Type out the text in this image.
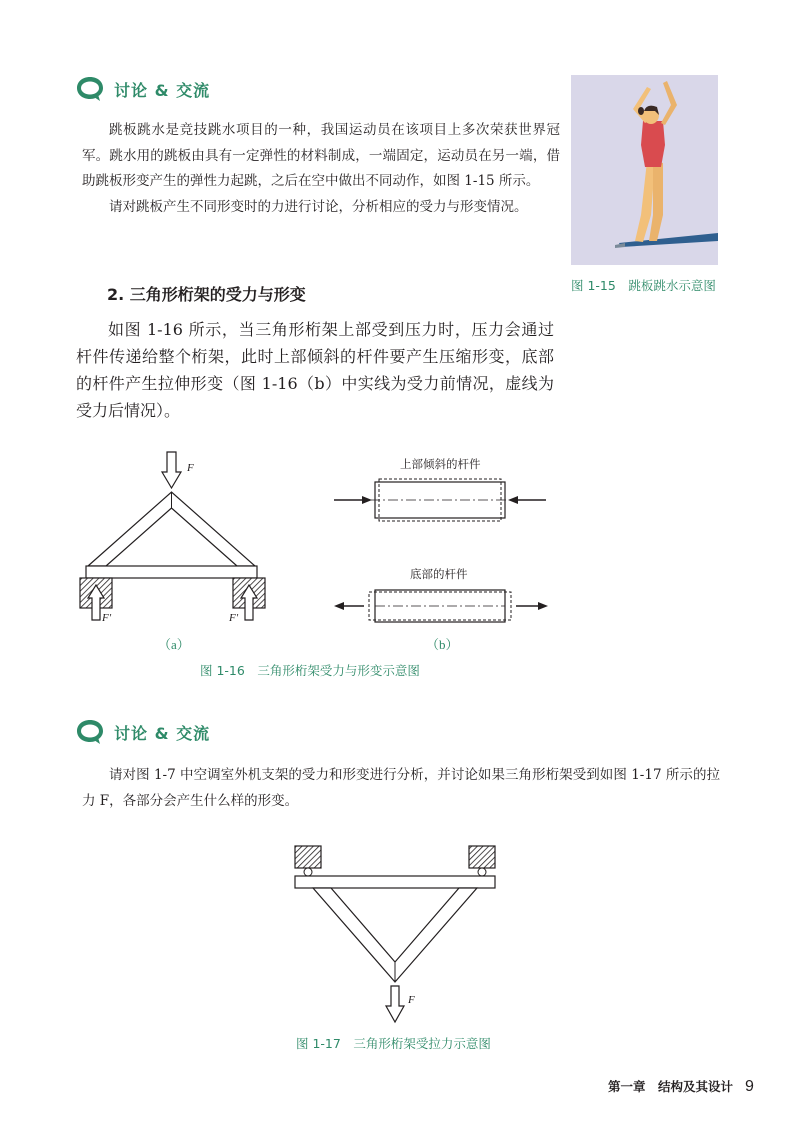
讨论 & 交流

跳板跳水是竞技跳水项目的一种，我国运动员在该项目上多次荣获世界冠军。跳水用的跳板由具有一定弹性的材料制成，一端固定，运动员在另一端，借助跳板形变产生的弹性力起跳，之后在空中做出不同动作，如图 1-15 所示。

请对跳板产生不同形变时的力进行讨论，分析相应的受力与形变情况。

图 1-15　跳板跳水示意图
2. 三角形桁架的受力与形变

如图 1-16 所示，当三角形桁架上部受到压力时，压力会通过杆件传递给整个桁架，此时上部倾斜的杆件要产生压缩形变，底部的杆件产生拉伸形变（图 1-16（b）中实线为受力前情况，虚线为受力后情况）。

F
F′	F′
（a）
上部倾斜的杆件
底部的杆件
（b）
图 1-16　三角形桁架受力与形变示意图
讨论 & 交流

请对图 1-7 中空调室外机支架的受力和形变进行分析，并讨论如果三角形桁架受到如图 1-17 所示的拉力 F，各部分会产生什么样的形变。

F
图 1-17　三角形桁架受拉力示意图
第一章　结构及其设计 9
